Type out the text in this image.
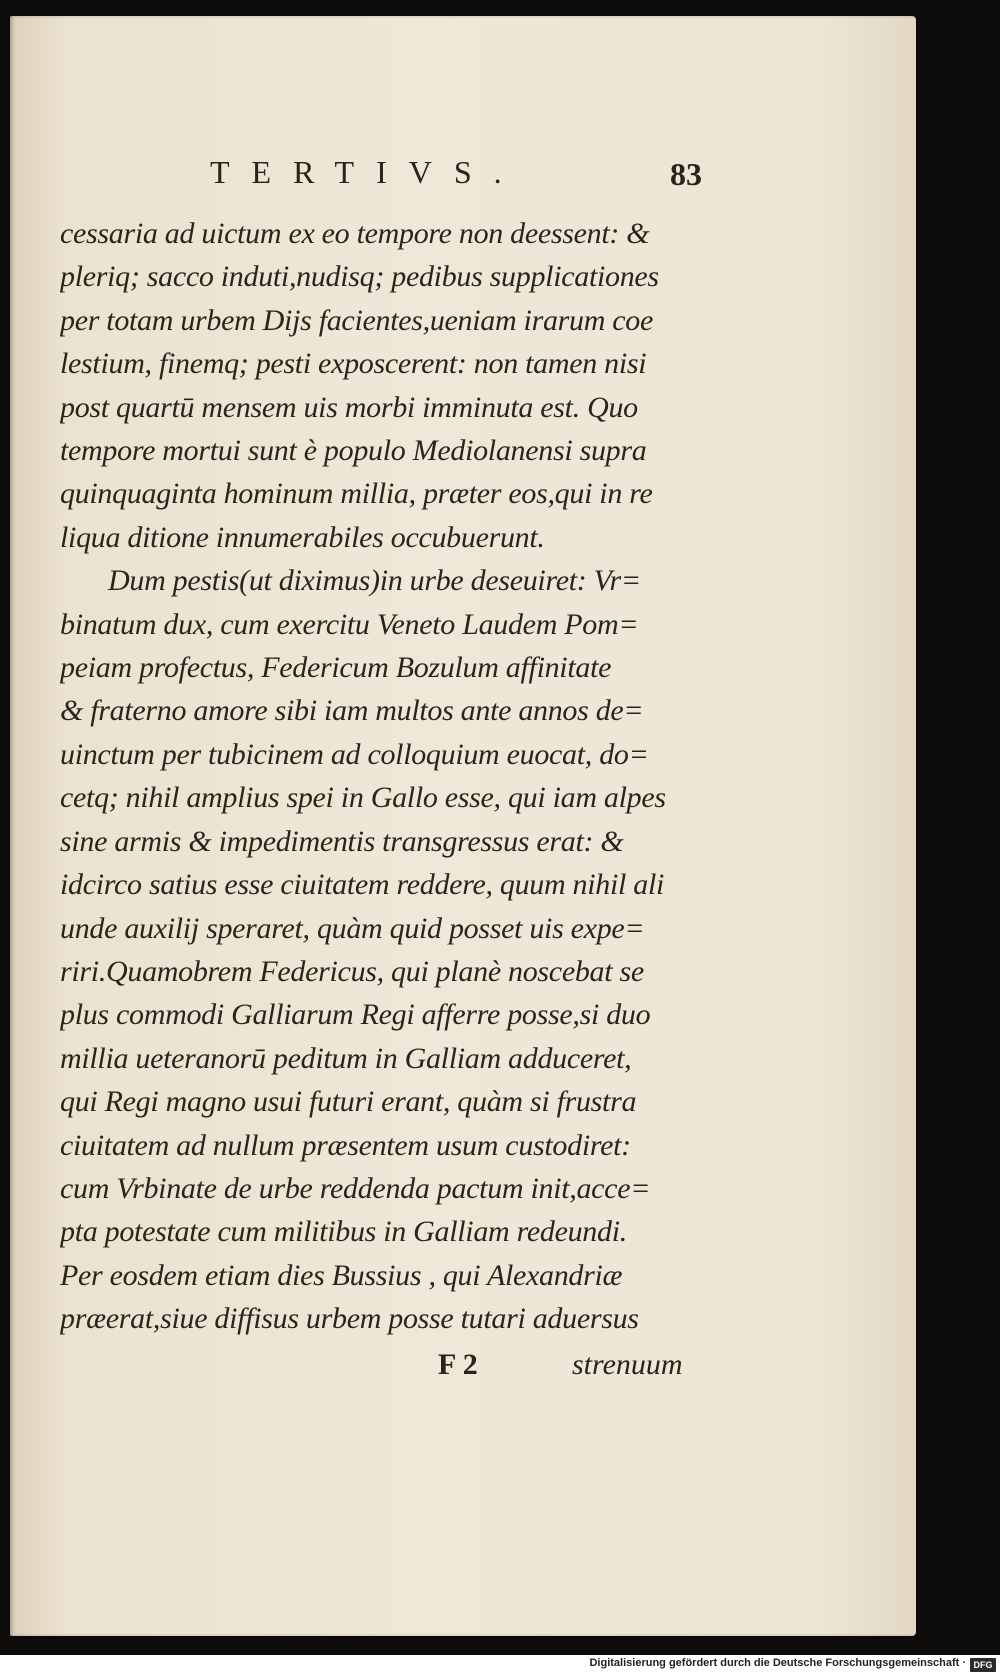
TERTIVS.	83
cessaria ad uictum ex eo tempore non deessent: &
pleriq; sacco induti,nudisq; pedibus supplicationes
per totam urbem Dijs facientes,ueniam irarum coe
lestium, finemq; pesti exposcerent: non tamen nisi
post quartū mensem uis morbi imminuta est. Quo
tempore mortui sunt è populo Mediolanensi supra
quinquaginta hominum millia, præter eos,qui in re
liqua ditione innumerabiles occubuerunt.
Dum pestis(ut diximus)in urbe deseuiret: Vr=
binatum dux, cum exercitu Veneto Laudem Pom=
peiam profectus, Federicum Bozulum affinitate
& fraterno amore sibi iam multos ante annos de=
uinctum per tubicinem ad colloquium euocat, do=
cetq; nihil amplius spei in Gallo esse, qui iam alpes
sine armis & impedimentis transgressus erat: &
idcirco satius esse ciuitatem reddere, quum nihil ali
unde auxilij speraret, quàm quid posset uis expe=
riri.Quamobrem Federicus, qui planè noscebat se
plus commodi Galliarum Regi afferre posse,si duo
millia ueteranorū peditum in Galliam adduceret,
qui Regi magno usui futuri erant, quàm si frustra
ciuitatem ad nullum præsentem usum custodiret:
cum Vrbinate de urbe reddenda pactum init,acce=
pta potestate cum militibus in Galliam redeundi.
Per eosdem etiam dies Bussius , qui Alexandriæ
præerat,siue diffisus urbem posse tutari aduersus
F 2	strenuum
Digitalisierung gefördert durch die Deutsche Forschungsgemeinschaft · DFG
